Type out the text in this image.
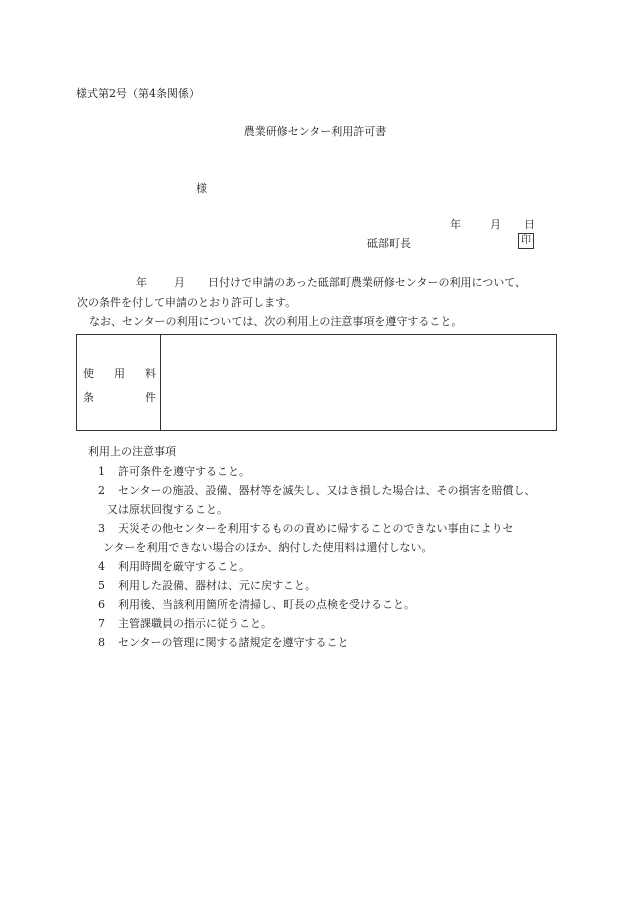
様式第2号（第4条関係）
農業研修センター利用許可書
様
年	月 日
砥部町長	印
年 月 日付けで申請のあった砥部町農業研修センターの利用について、
次の条件を付して申請のとおり許可します。
なお、センターの利用については、次の利用上の注意事項を遵守すること。
使 用 料
条	件
利用上の注意事項
1 許可条件を遵守すること。
2 センターの施設、設備、器材等を滅失し、又はき損した場合は、その損害を賠償し、
又は原状回復すること。
3 天災その他センターを利用するものの責めに帰することのできない事由によりセ
ンターを利用できない場合のほか、納付した使用料は還付しない。
4 利用時間を厳守すること。
5 利用した設備、器材は、元に戻すこと。
6 利用後、当該利用箇所を清掃し、町長の点検を受けること。
7 主管課職員の指示に従うこと。
8 センターの管理に関する諸規定を遵守すること
